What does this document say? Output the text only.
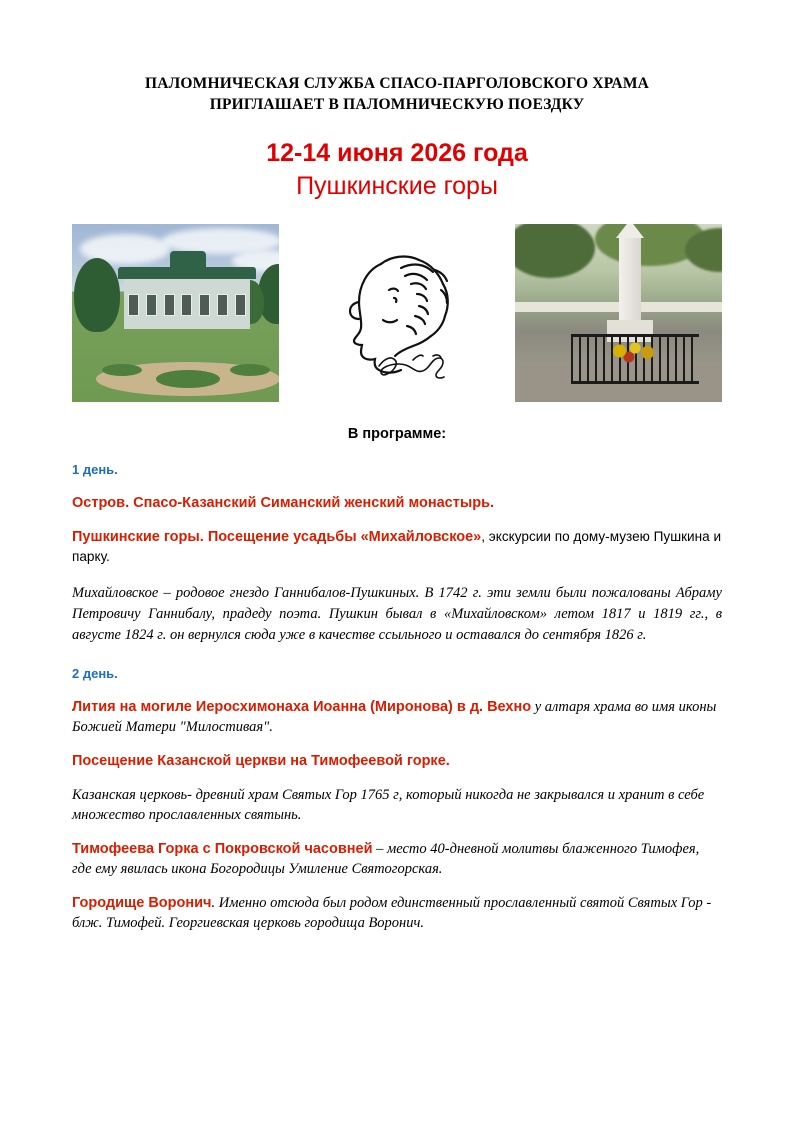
ПАЛОМНИЧЕСКАЯ СЛУЖБА СПАСО-ПАРГОЛОВСКОГО ХРАМА
ПРИГЛАШАЕТ В ПАЛОМНИЧЕСКУЮ ПОЕЗДКУ
12-14 июня 2026 года
Пушкинские горы
В программе:
1 день.

Остров. Спасо-Казанский Симанский женский монастырь.

Пушкинские горы. Посещение усадьбы «Михайловское», экскурсии по дому-музею Пушкина и парку.

Михайловское – родовое гнездо Ганнибалов-Пушкиных. В 1742 г. эти земли были пожалованы Абраму Петровичу Ганнибалу, прадеду поэта. Пушкин бывал в «Михайловском» летом 1817 и 1819 гг., в августе 1824 г. он вернулся сюда уже в качестве ссыльного и оставался до сентября 1826 г.

2 день.

Лития на могиле Иеросхимонаха Иоанна (Миронова) в д. Вехно у алтаря храма во имя иконы Божией Матери "Милостивая".

Посещение Казанской церкви на Тимофеевой горке.

Казанская церковь- древний храм Святых Гор 1765 г, который никогда не закрывался и хранит в себе множество прославленных святынь.

Тимофеева Горка с Покровской часовней – место 40-дневной молитвы блаженного Тимофея, где ему явилась икона Богородицы Умиление Святогорская.

Городище Воронич. Именно отсюда был родом единственный прославленный святой Святых Гор - блж. Тимофей. Георгиевская церковь городища Воронич.
